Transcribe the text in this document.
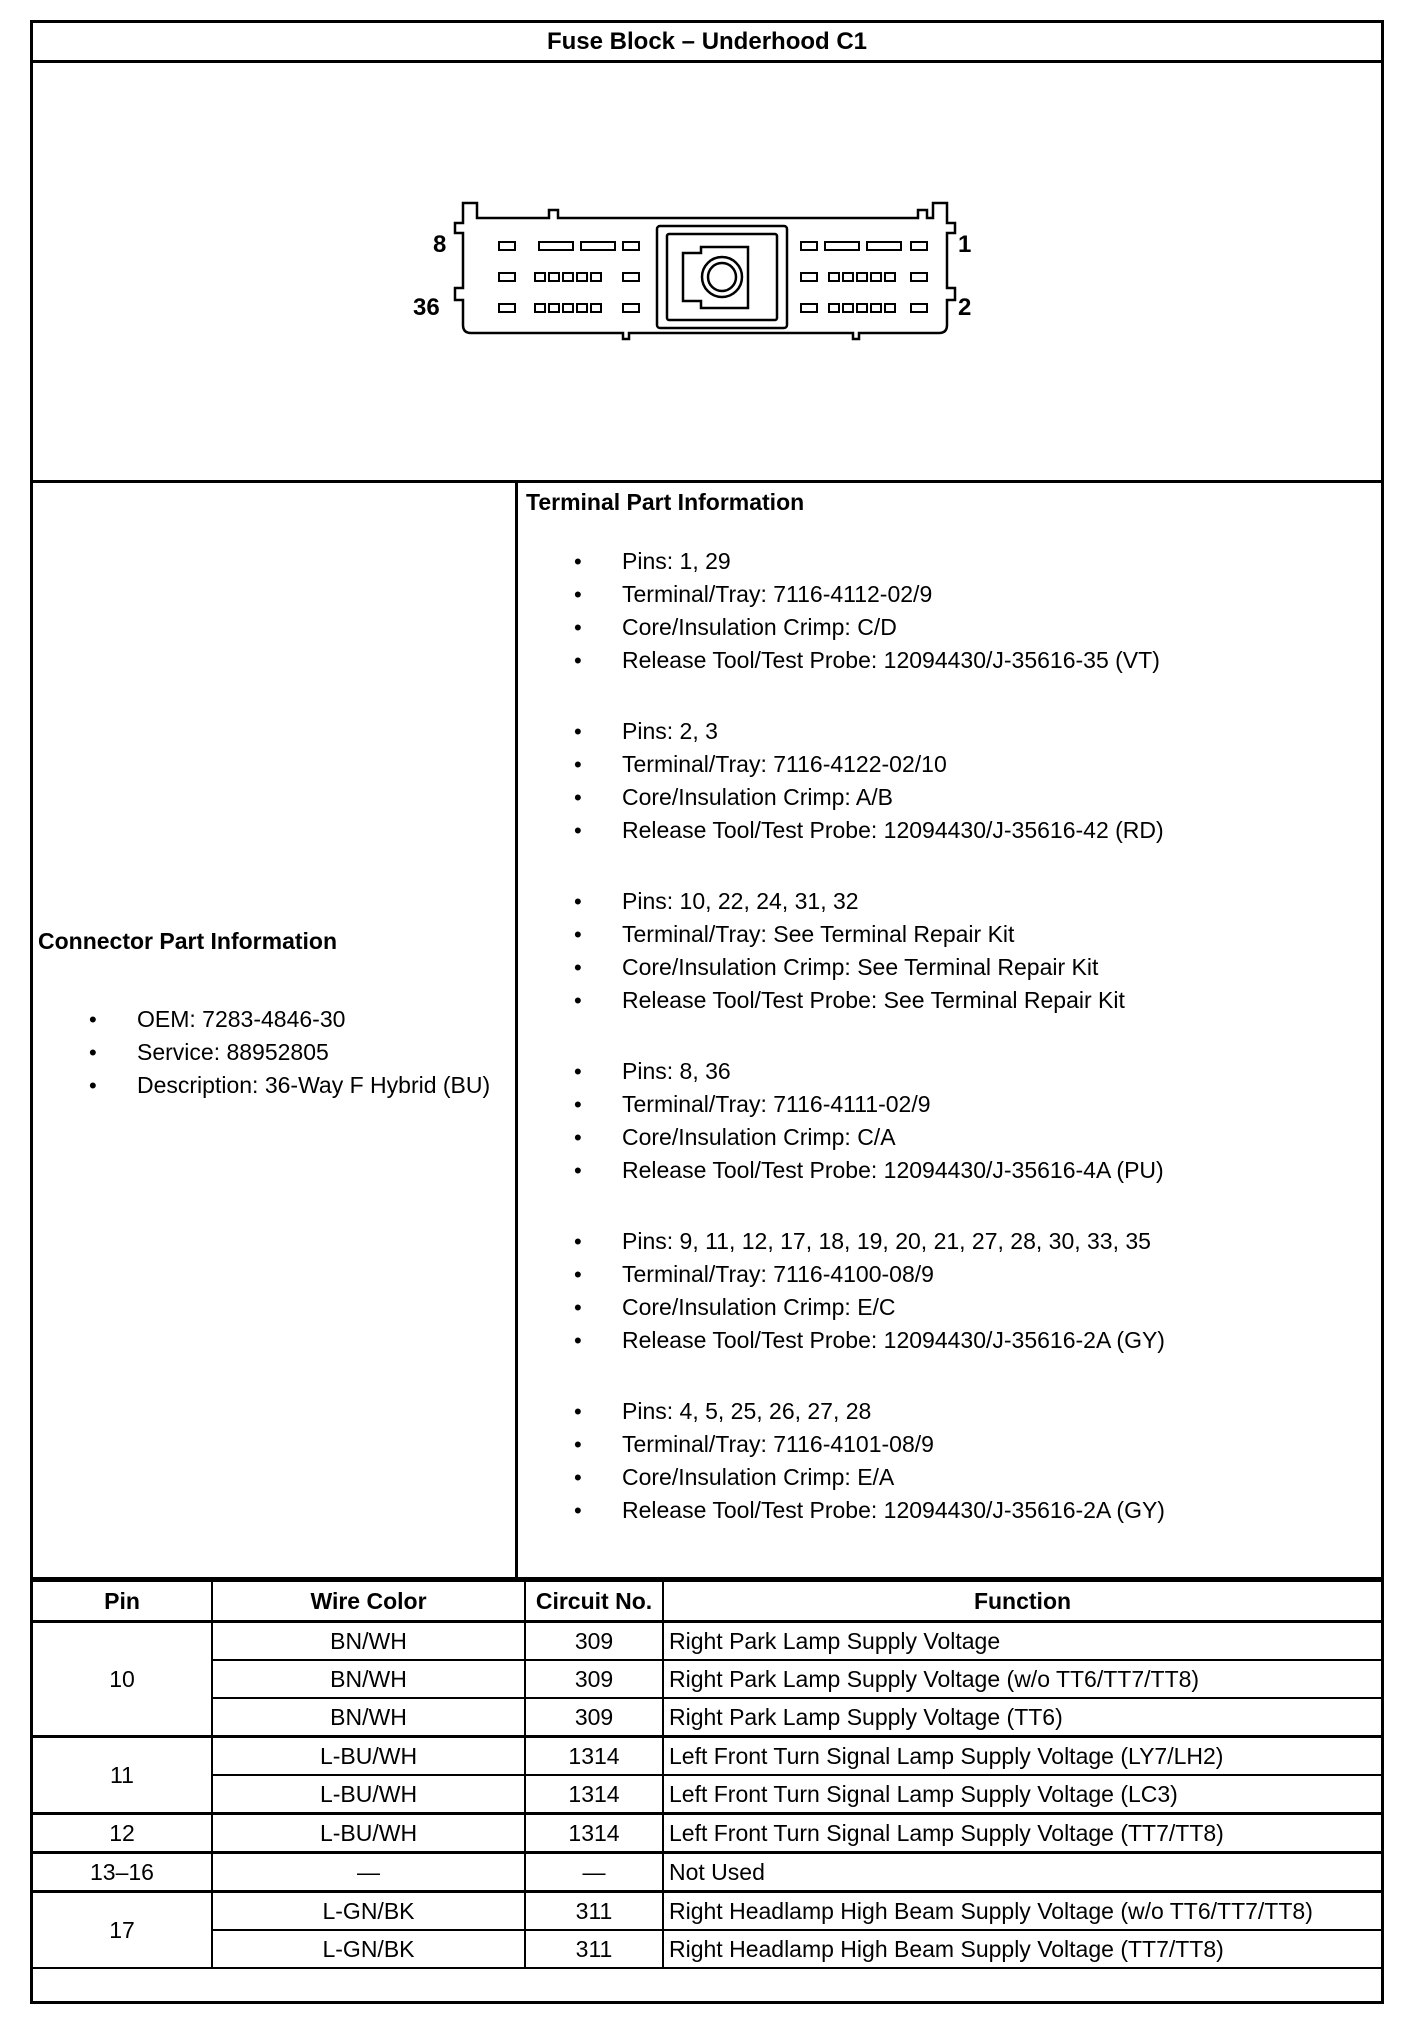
Fuse Block – Underhood C1
8
36
1
2
Connector Part Information
• OEM: 7283-4846-30
• Service: 88952805
• Description: 36-Way F Hybrid (BU)
Terminal Part Information
• Pins: 1, 29
• Terminal/Tray: 7116-4112-02/9
• Core/Insulation Crimp: C/D
• Release Tool/Test Probe: 12094430/J-35616-35 (VT)
• Pins: 2, 3
• Terminal/Tray: 7116-4122-02/10
• Core/Insulation Crimp: A/B
• Release Tool/Test Probe: 12094430/J-35616-42 (RD)
• Pins: 10, 22, 24, 31, 32
• Terminal/Tray: See Terminal Repair Kit
• Core/Insulation Crimp: See Terminal Repair Kit
• Release Tool/Test Probe: See Terminal Repair Kit
• Pins: 8, 36
• Terminal/Tray: 7116-4111-02/9
• Core/Insulation Crimp: C/A
• Release Tool/Test Probe: 12094430/J-35616-4A (PU)
• Pins: 9, 11, 12, 17, 18, 19, 20, 21, 27, 28, 30, 33, 35
• Terminal/Tray: 7116-4100-08/9
• Core/Insulation Crimp: E/C
• Release Tool/Test Probe: 12094430/J-35616-2A (GY)
• Pins: 4, 5, 25, 26, 27, 28
• Terminal/Tray: 7116-4101-08/9
• Core/Insulation Crimp: E/A
• Release Tool/Test Probe: 12094430/J-35616-2A (GY)
Pin	Wire Color	Circuit No.	Function
10	BN/WH	309	Right Park Lamp Supply Voltage
	BN/WH	309	Right Park Lamp Supply Voltage (w/o TT6/TT7/TT8)
	BN/WH	309	Right Park Lamp Supply Voltage (TT6)
11	L-BU/WH	1314	Left Front Turn Signal Lamp Supply Voltage (LY7/LH2)
	L-BU/WH	1314	Left Front Turn Signal Lamp Supply Voltage (LC3)
12	L-BU/WH	1314	Left Front Turn Signal Lamp Supply Voltage (TT7/TT8)
13–16	—	—	Not Used
17	L-GN/BK	311	Right Headlamp High Beam Supply Voltage (w/o TT6/TT7/TT8)
	L-GN/BK	311	Right Headlamp High Beam Supply Voltage (TT7/TT8)
